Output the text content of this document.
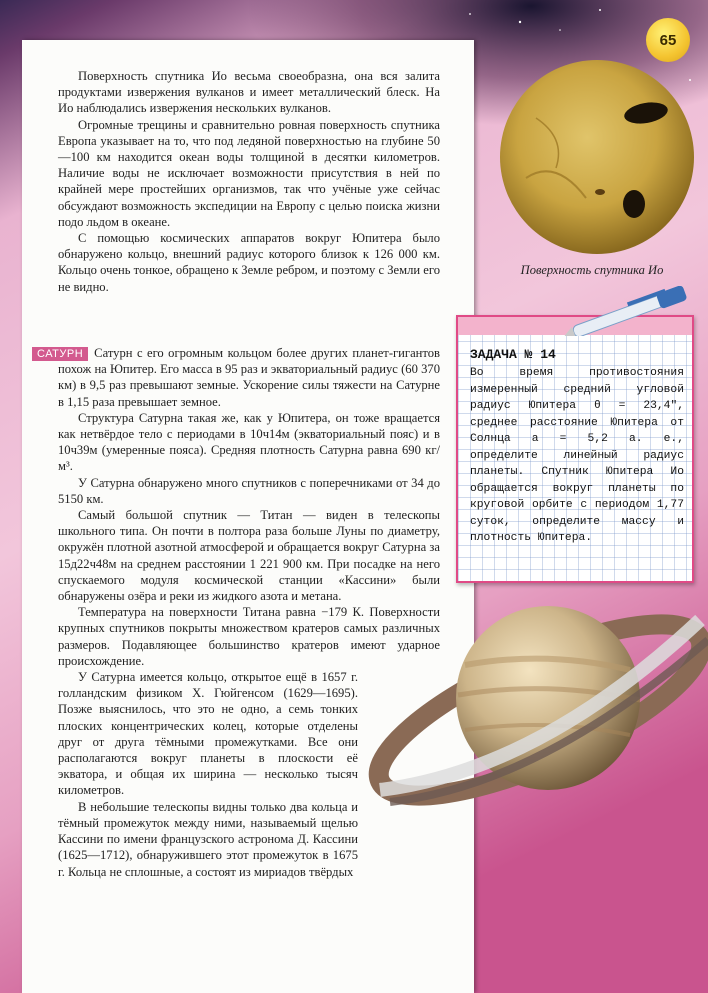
65

Поверхность спутника Ио весьма своеобразна, она вся залита продуктами извержения вулканов и имеет металлический блеск. На Ио наблюдались извержения нескольких вулканов.

Огромные трещины и сравнительно ровная поверхность спутника Европа указывает на то, что под ледяной поверхностью на глубине 50—100 км находится океан воды толщиной в десятки километров. Наличие воды не исключает возможности присутствия в ней по крайней мере простейших организмов, так что учёные уже сейчас обсуждают возможность экспедиции на Европу с целью поиска жизни подо льдом в океане.

С помощью космических аппаратов вокруг Юпитера было обнаружено кольцо, внешний радиус которого близок к 126 000 км. Кольцо очень тонкое, обращено к Земле ребром, и поэтому с Земли его не видно.

САТУРН Сатурн с его огромным кольцом более других планет-гигантов похож на Юпитер. Его масса в 95 раз и экваториальный радиус (60 370 км) в 9,5 раз превышают земные. Ускорение силы тяжести на Сатурне в 1,15 раза превышает земное.

Структура Сатурна такая же, как у Юпитера, он тоже вращается как нетвёрдое тело с периодами в 10ч14м (экваториальный пояс) и в 10ч39м (умеренные пояса). Средняя плотность Сатурна равна 690 кг/м³.

У Сатурна обнаружено много спутников с поперечниками от 34 до 5150 км.

Самый большой спутник — Титан — виден в телескопы школьного типа. Он почти в полтора раза больше Луны по диаметру, окружён плотной азотной атмосферой и обращается вокруг Сатурна за 15д22ч48м на среднем расстоянии 1 221 900 км. При посадке на него спускаемого модуля космической станции «Кассини» были обнаружены озёра и реки из жидкого азота и метана.

Температура на поверхности Титана равна −179 К. Поверхности крупных спутников покрыты множеством кратеров самых различных размеров. Подавляющее большинство кратеров имеют ударное происхождение.

У Сатурна имеется кольцо, открытое ещё в 1657 г. голландским физиком Х. Гюйгенсом (1629—1695). Позже выяснилось, что это не одно, а семь тонких плоских концентрических колец, которые отделены друг от друга тёмными промежутками. Все они располагаются вокруг планеты в плоскости её экватора, и общая их ширина — несколько тысяч километров.

В небольшие телескопы видны только два кольца и тёмный промежуток между ними, называемый щелью Кассини по имени французского астронома Д. Кассини (1625—1712), обнаружившего этот промежуток в 1675 г. Кольца не сплошные, а состоят из мириадов твёрдых

Поверхность спутника Ио
ЗАДАЧА № 14
Во время противостояния измеренный средний угловой радиус Юпитера θ = 23,4″, среднее расстояние Юпитера от Солнца a = 5,2 а. е., определите линейный радиус планеты. Спутник Юпитера Ио обращается вокруг планеты по круговой орбите с периодом 1,77 суток, определите массу и плотность Юпитера.
